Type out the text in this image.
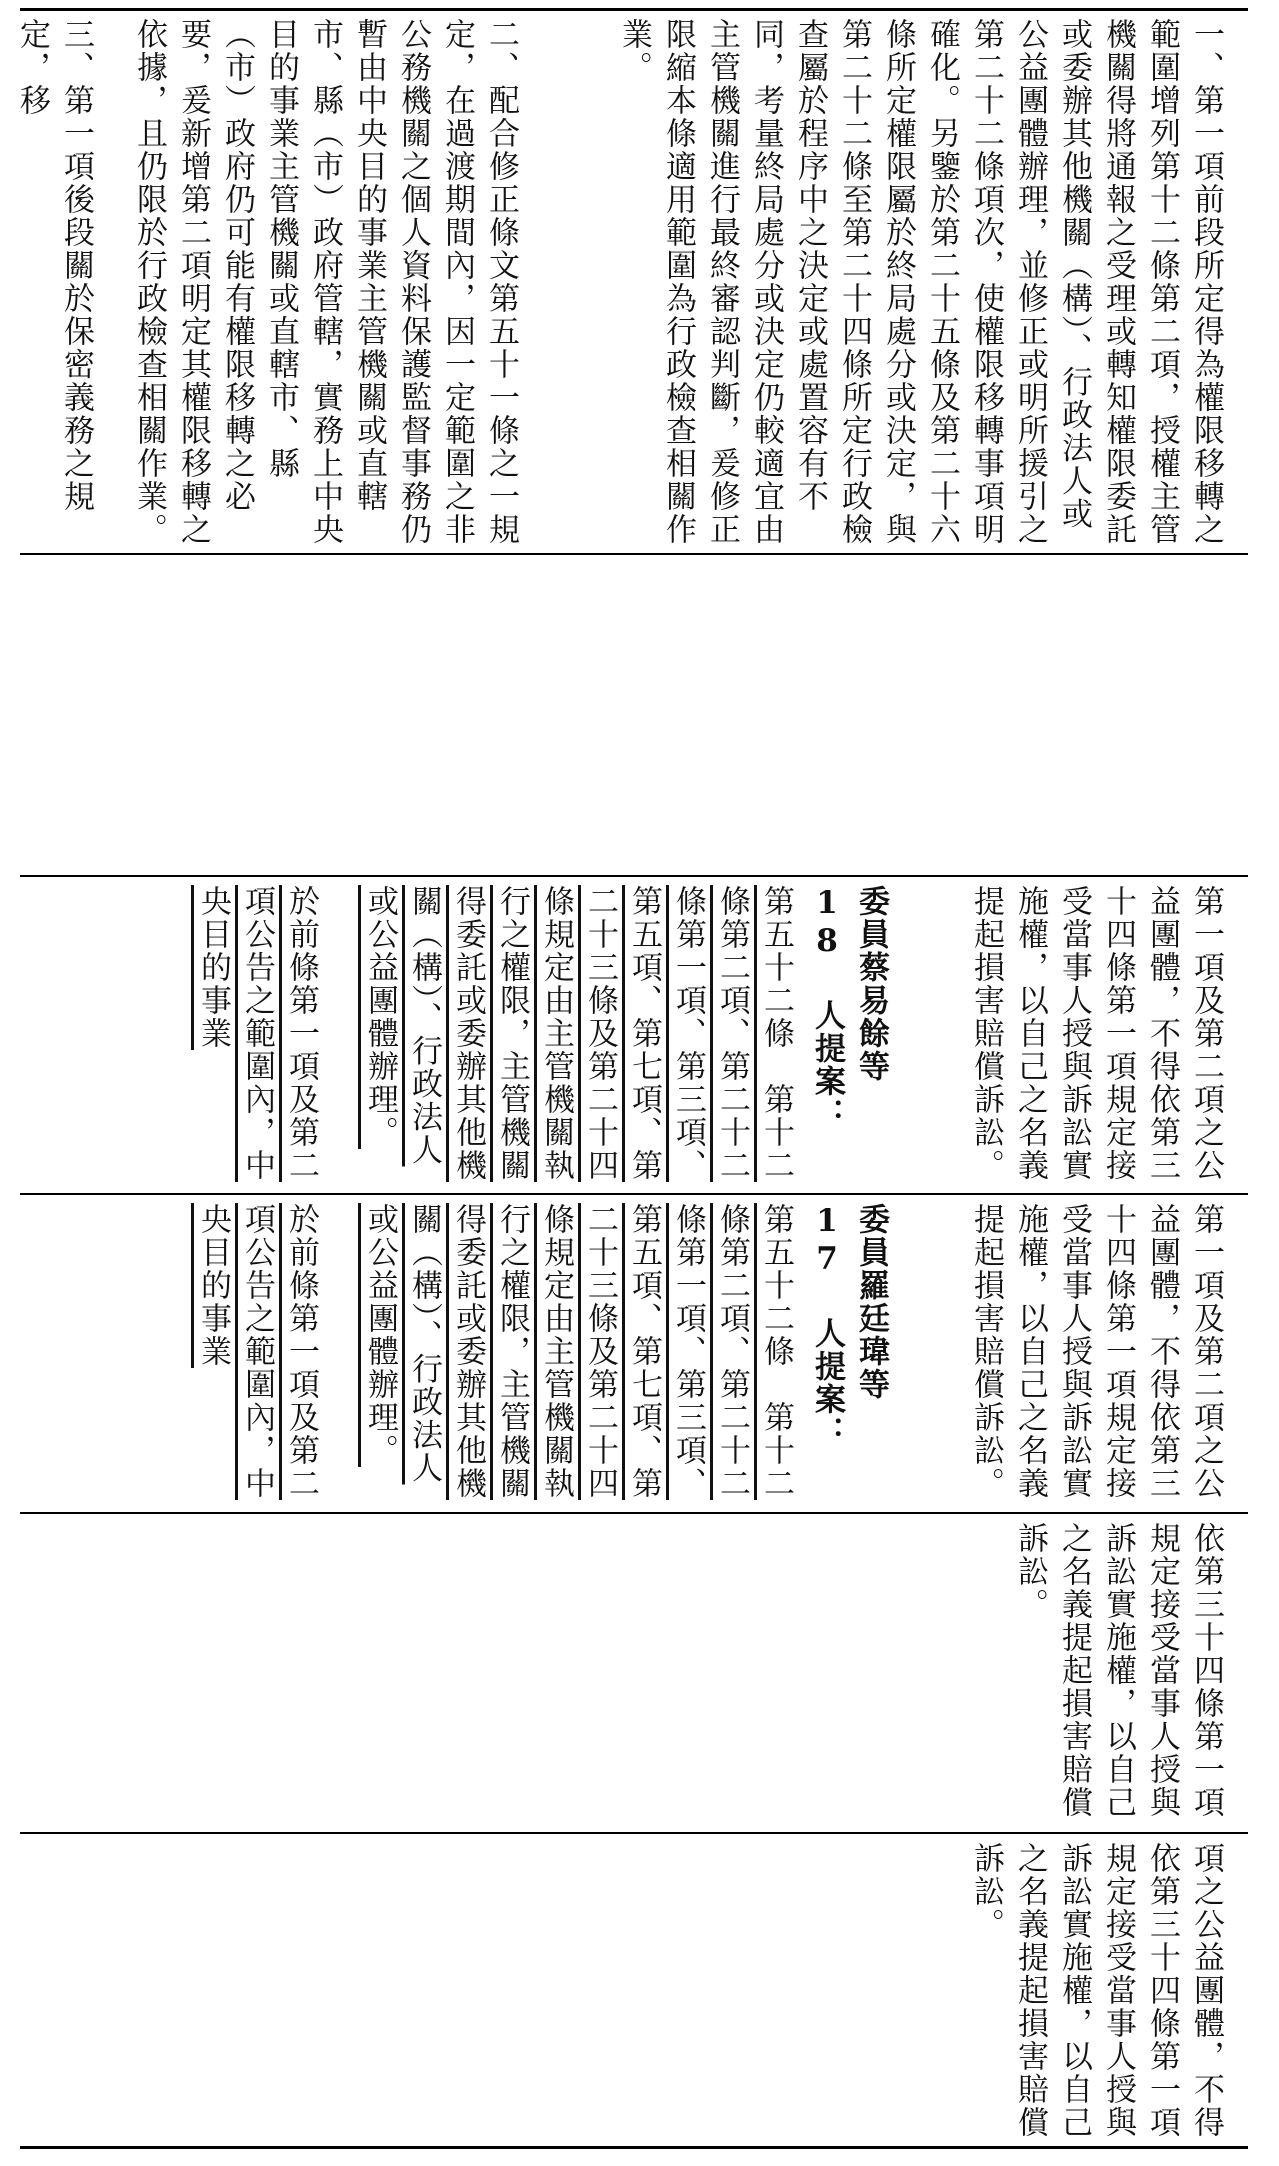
一、第一項前段所定得為權限移轉之範圍增列第十二條第二項，授權主管機關得將通報之受理或轉知權限委託或委辦其他機關（構）、行政法人或公益團體辦理，並修正或明所援引之第二十二條項次，使權限移轉事項明確化。另鑒於第二十五條及第二十六條所定權限屬於終局處分或決定，與第二十二條至第二十四條所定行政檢查屬於程序中之決定或處置容有不同，考量終局處分或決定仍較適宜由主管機關進行最終審認判斷，爰修正限縮本條適用範圍為行政檢查相關作業。
二、配合修正條文第五十一條之一規定，在過渡期間內，因一定範圍之非公務機關之個人資料保護監督事務仍暫由中央目的事業主管機關或直轄市、縣（市）政府管轄，實務上中央目的事業主管機關或直轄市、縣（市）政府仍可能有權限移轉之必要，爰新增第二項明定其權限移轉之依據，且仍限於行政檢查相關作業。
三、第一項後段關於保密義務之規定，移
第一項及第二項之公益團體，不得依第三十四條第一項規定接受當事人授與訴訟實施權，以自己之名義提起損害賠償訴訟。
委員蔡易餘等 18 人提案：
第五十二條　第十二條第二項、第二十二條第一項、第三項、第五項、第七項、第二十三條及第二十四條規定由主管機關執行之權限，主管機關得委託或委辦其他機關（構）、行政法人或公益團體辦理。
於前條第一項及第二項公告之範圍內，中央目的事業
第一項及第二項之公益團體，不得依第三十四條第一項規定接受當事人授與訴訟實施權，以自己之名義提起損害賠償訴訟。
委員羅廷瑋等 17 人提案：
第五十二條　第十二條第二項、第二十二條第一項、第三項、第五項、第七項、第二十三條及第二十四條規定由主管機關執行之權限，主管機關得委託或委辦其他機關（構）、行政法人或公益團體辦理。
於前條第一項及第二項公告之範圍內，中央目的事業
依第三十四條第一項規定接受當事人授與訴訟實施權，以自己之名義提起損害賠償訴訟。
項之公益團體，不得依第三十四條第一項規定接受當事人授與訴訟實施權，以自己之名義提起損害賠償訴訟。
